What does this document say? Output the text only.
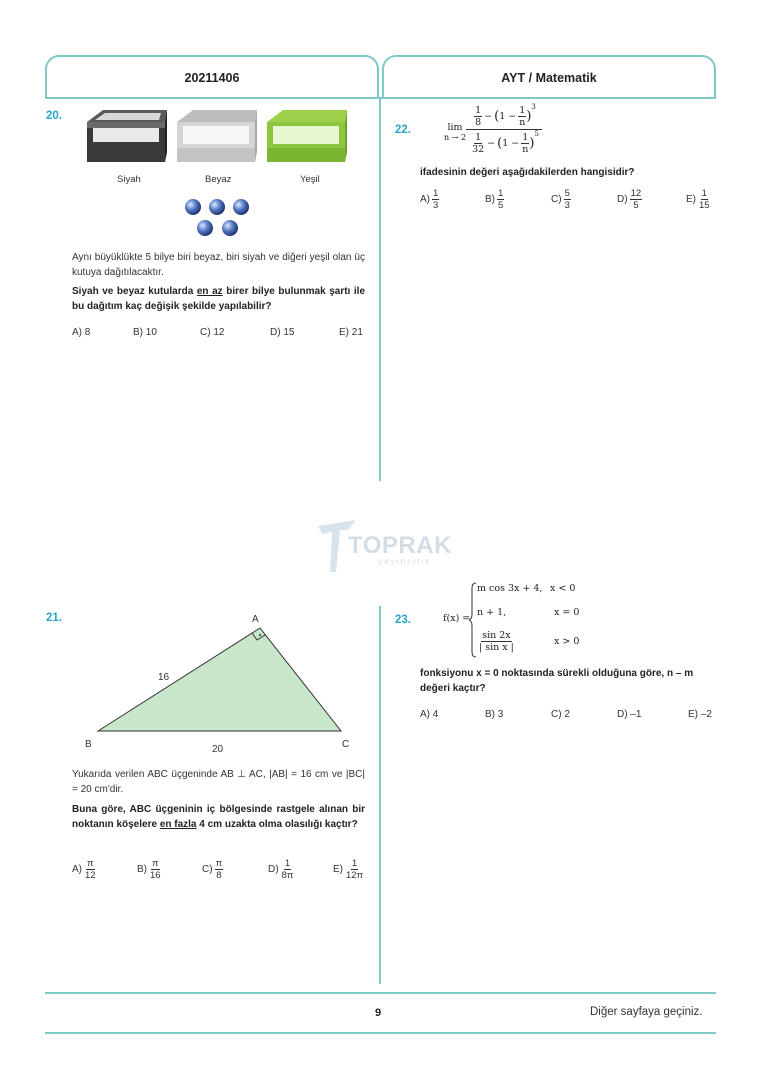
20211406	AYT / Matematik
20.
Siyah	Beyaz	Yeşil
Aynı büyüklükte 5 bilye biri beyaz, biri siyah ve diğeri yeşil olan üç kutuya dağıtılacaktır.
Siyah ve beyaz kutularda en az birer bilye bulunmak şartı ile bu dağıtım kaç değişik şekilde yapılabilir?
A) 8	B) 10	C) 12	D) 15	E) 21
22.	lim
n → 2
$\frac{1}{8}$ − ( $1 - \frac{1}{n}$ )
$^3$
$\frac{1}{32}$ − ( $1 - \frac{1}{n}$ )
$^5$
ifadesinin değeri aşağıdakilerden hangisidir?
$A) \frac{1}{3}$	$B) \frac{1}{5}$	$C) \frac{5}{3}$	$D) \frac{12}{5}$	$E) \frac{1}{15}$
TOPRAK
yayıncılık
21.	A
B	C
16
20
Yukarıda verilen ABC üçgeninde AB ⊥ AC, |AB| = 16 cm ve |BC| = 20 cm'dir.
Buna göre, ABC üçgeninin iç bölgesinde rastgele alınan bir noktanın köşelere en fazla 4 cm uzakta olma olasılığı kaçtır?
$A) \frac{\pi}{12}$	$B) \frac{\pi}{16}$	$C) \frac{\pi}{8}$	$D) \frac{1}{8\pi}$	$E) \frac{1}{12\pi}$
23.	f(x) =
m cos 3x + 4, x < 0
n + 1,	x = 0
$\frac{\sin 2x}{\text{| sin x |}}$	x > 0
fonksiyonu x = 0 noktasında sürekli olduğuna göre, n – m değeri kaçtır?
A) 4	B) 3	C) 2	D) –1	E) –2
9	Diğer sayfaya geçiniz.
